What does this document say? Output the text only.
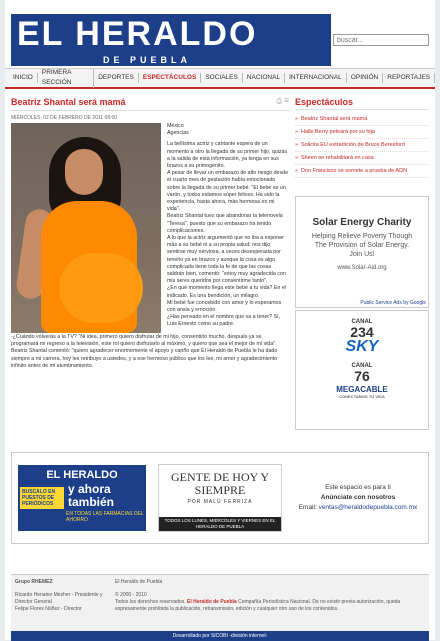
EL HERALDO
DE PUEBLA
buscar...
INICIO
PRIMERA SECCIÓN
DEPORTES	ESPECTÁCULOS	SOCIALES	NACIONAL	INTERNACIONAL	OPINIÓN	REPORTAJES
Beatriz Shantal será mamá	⎙ ✉
MIÉRCOLES, 02 DE FEBRERO DE 2011 08:00

México

Agencias

La bellísima actriz y cantante espera de un momento a otro la llegada de su primer hijo, quizás a la salida de esta información, ya tenga en sus brazos a su primogénito.

A pesar de llevar un embarazo de alto riesgo desde el cuarto mes de gestación había emocionado sobre la llegada de su primer bebé. "El bebé es un varón, y todos estamos súper felices. Ha sido la experiencia, hasta ahora, más hermosa en mi vida".

Beatriz Shantal tuvo que abandonar la telenovela "Teresa", puesto que su embarazo ha tenido complicaciones.

A lo que la actriz argumentó que no iba a exponer más a su bebé ni a su propia salud: nos dijo sentirse muy nerviosa, a veces desesperada por tenerlo ya en brazos y aunque la cosa es algo complicada tiene toda la fe de que las cosas saldrán bien, comentó: "estoy muy agradecida con mis seres queridos por consentirme tanto".

¿En qué momento llega este bebé a tu vida? En el indicado. Es una bendición, un milagro.

Mi bebé fue concebido con amor y lo esperamos con ansia y emoción.

¿Has pensado en el nombre que va a tener? Sí, Luis Ernesto como su padre.

-¿Cuándo volverás a la TV? "Ni idea, primero quiero disfrutar de mi hijo, consentirlo mucho, después ya se programará mi regreso a la televisión, este rol quiero disfrutarlo al máximo, y quiero que sea el mejor de mi vida".

Beatriz Shantal comentó: "quiero agradecer enormemente el apoyo y cariño que El Heraldo de Puebla le ha dado siempre a mi carrera, hoy les retribuyo a ustedes, y a ese hermoso público que los lee, mi amor y agradecimiento infinito antes de mi alumbramiento.

Espectáculos
» Beatriz Shantal será mamá
» Halle Berry peleará por su hija
» Solicita EU extradición de Bruce Beresford
» Sheen se rehabilitará en casa
» Don Francisco se somete a prueba de ADN
Solar Energy Charity
Helping Relieve Poverty Though
The Provision of Solar Energy.
Join Us!
www.Solar-Aid.org
Public Service Ads by Google
CANAL
234
SKY
CANAL
76
MEGACABLE
CONECTAMOS TU VIDA
EL HERALDO
BUSCALO EN PUESTOS DE PERIÓDICOS
y ahora también
EN TODAS LAS FARMACIAS DEL AHORRO
GENTE DE HOY Y SIEMPRE
POR MALÚ FERRIZA
TODOS LOS LUNES, MIÉRCOLES Y VIERNES EN EL HERALDO DE PUEBLA
Este espacio es para ti
Anúnciate con nosotros
Email: ventas@heraldodepuebla.com.mx
Grupo RHEMEZ
Ricardo Henaine Mezher - Presidente y Director General
Felipe Flores Núñez - Director
El Heraldo de Puebla
© 2000 - 2010
Todos los derechos reservados. El Heraldo de Puebla Compañía Periodística Nacional. De no existir previa autorización, queda expresamente prohibida la publicación, retransmisión, edición y cualquier otro uso de los contenidos.
Desarrollado por SICOBI -división internet-
